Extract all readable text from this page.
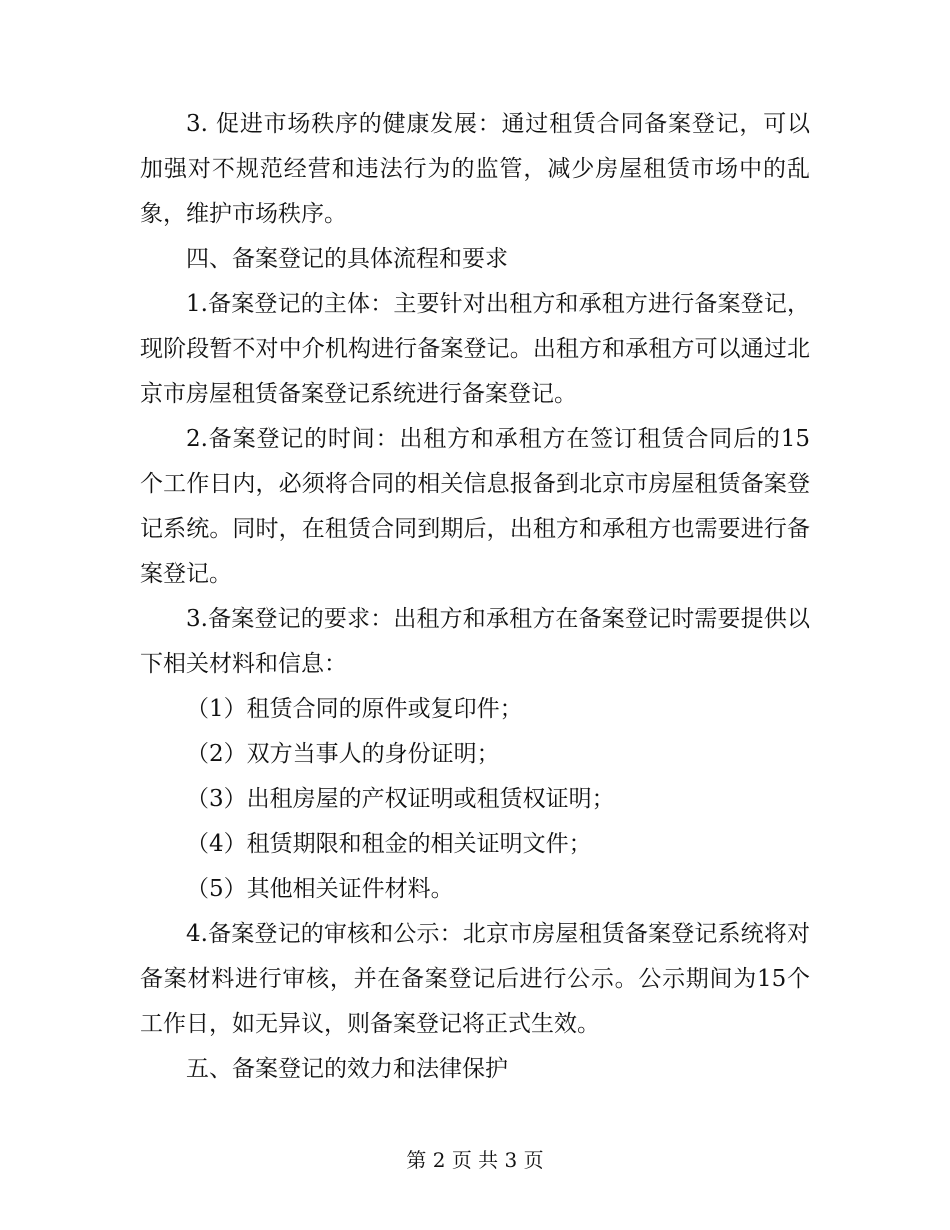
3. 促进市场秩序的健康发展：通过租赁合同备案登记，可以加强对不规范经营和违法行为的监管，减少房屋租赁市场中的乱象，维护市场秩序。

四、备案登记的具体流程和要求

1.备案登记的主体：主要针对出租方和承租方进行备案登记，现阶段暂不对中介机构进行备案登记。出租方和承租方可以通过北京市房屋租赁备案登记系统进行备案登记。

2.备案登记的时间：出租方和承租方在签订租赁合同后的15个工作日内，必须将合同的相关信息报备到北京市房屋租赁备案登记系统。同时，在租赁合同到期后，出租方和承租方也需要进行备案登记。

3.备案登记的要求：出租方和承租方在备案登记时需要提供以下相关材料和信息：

（1）租赁合同的原件或复印件；

（2）双方当事人的身份证明；

（3）出租房屋的产权证明或租赁权证明；

（4）租赁期限和租金的相关证明文件；

（5）其他相关证件材料。

4.备案登记的审核和公示：北京市房屋租赁备案登记系统将对备案材料进行审核，并在备案登记后进行公示。公示期间为15个工作日，如无异议，则备案登记将正式生效。

五、备案登记的效力和法律保护

第 2 页 共 3 页
